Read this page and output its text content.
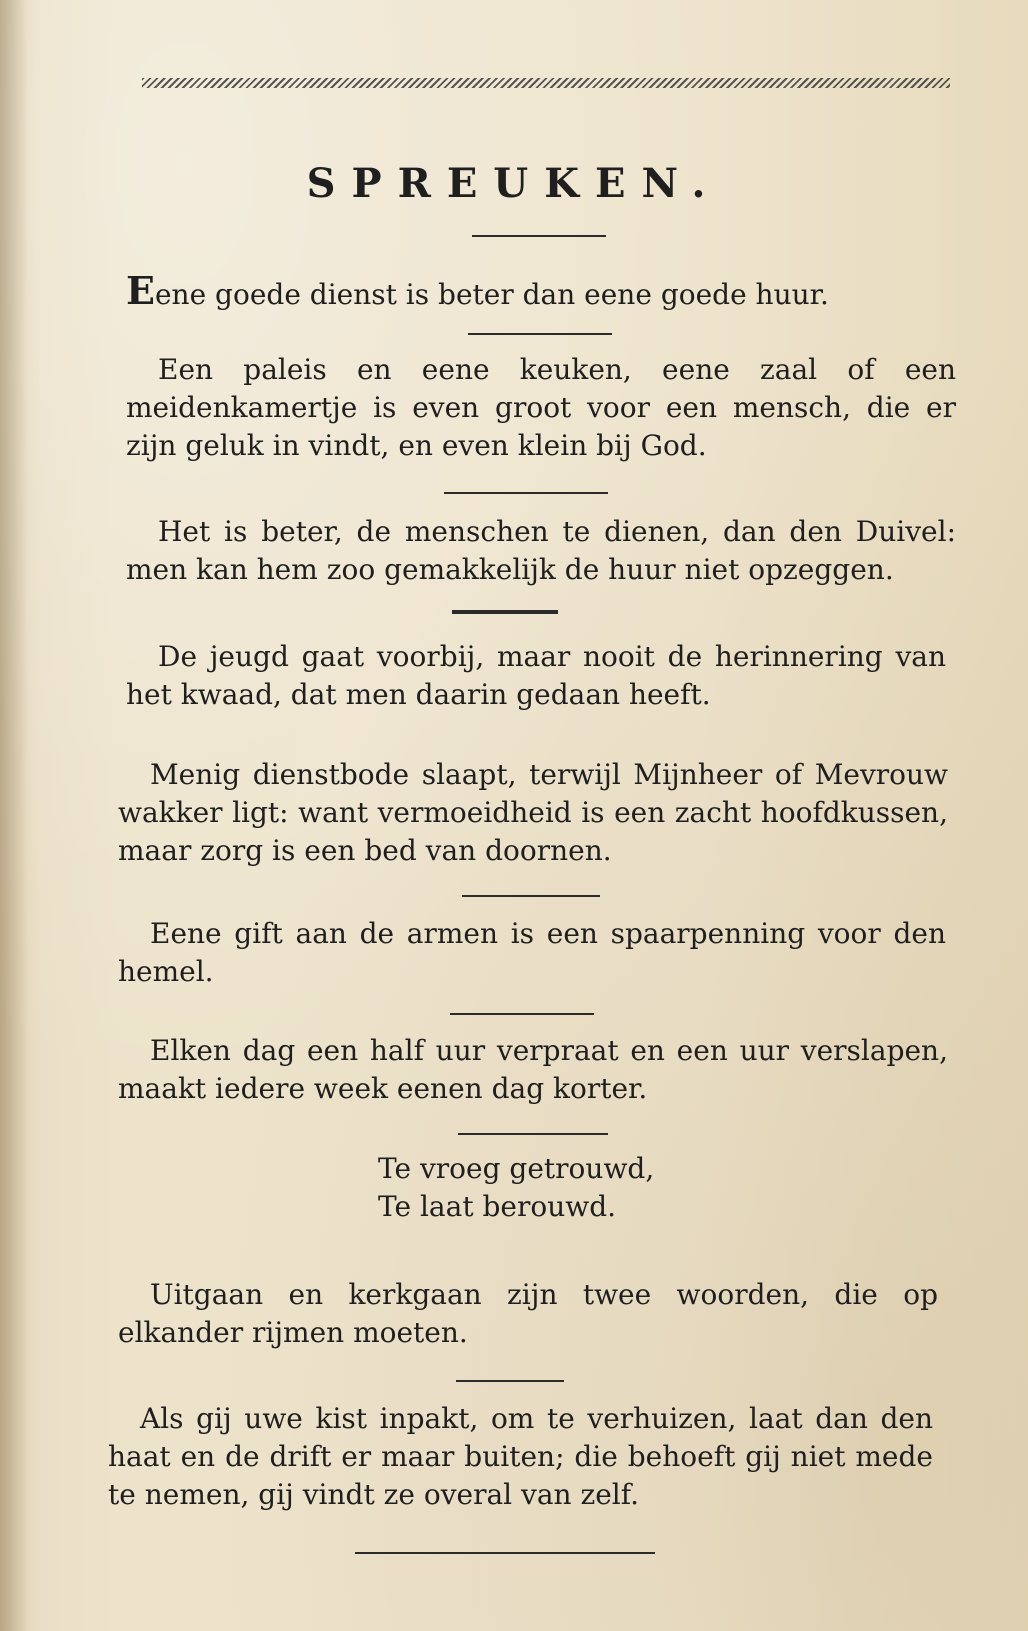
SPREUKEN.

Eene goede dienst is beter dan eene goede huur.

Een paleis en eene keuken, eene zaal of een meidenkamertje is even groot voor een mensch, die er zijn geluk in vindt, en even klein bij God.

Het is beter, de menschen te dienen, dan den Duivel: men kan hem zoo gemakkelijk de huur niet opzeggen.

De jeugd gaat voorbij, maar nooit de herinnering van het kwaad, dat men daarin gedaan heeft.

Menig dienstbode slaapt, terwijl Mijnheer of Mevrouw wakker ligt: want vermoeidheid is een zacht hoofdkussen, maar zorg is een bed van doornen.

Eene gift aan de armen is een spaarpenning voor den hemel.

Elken dag een half uur verpraat en een uur verslapen, maakt iedere week eenen dag korter.

Te vroeg getrouwd,
Te laat berouwd.

Uitgaan en kerkgaan zijn twee woorden, die op elkander rijmen moeten.

Als gij uwe kist inpakt, om te verhuizen, laat dan den haat en de drift er maar buiten; die behoeft gij niet mede te nemen, gij vindt ze overal van zelf.
